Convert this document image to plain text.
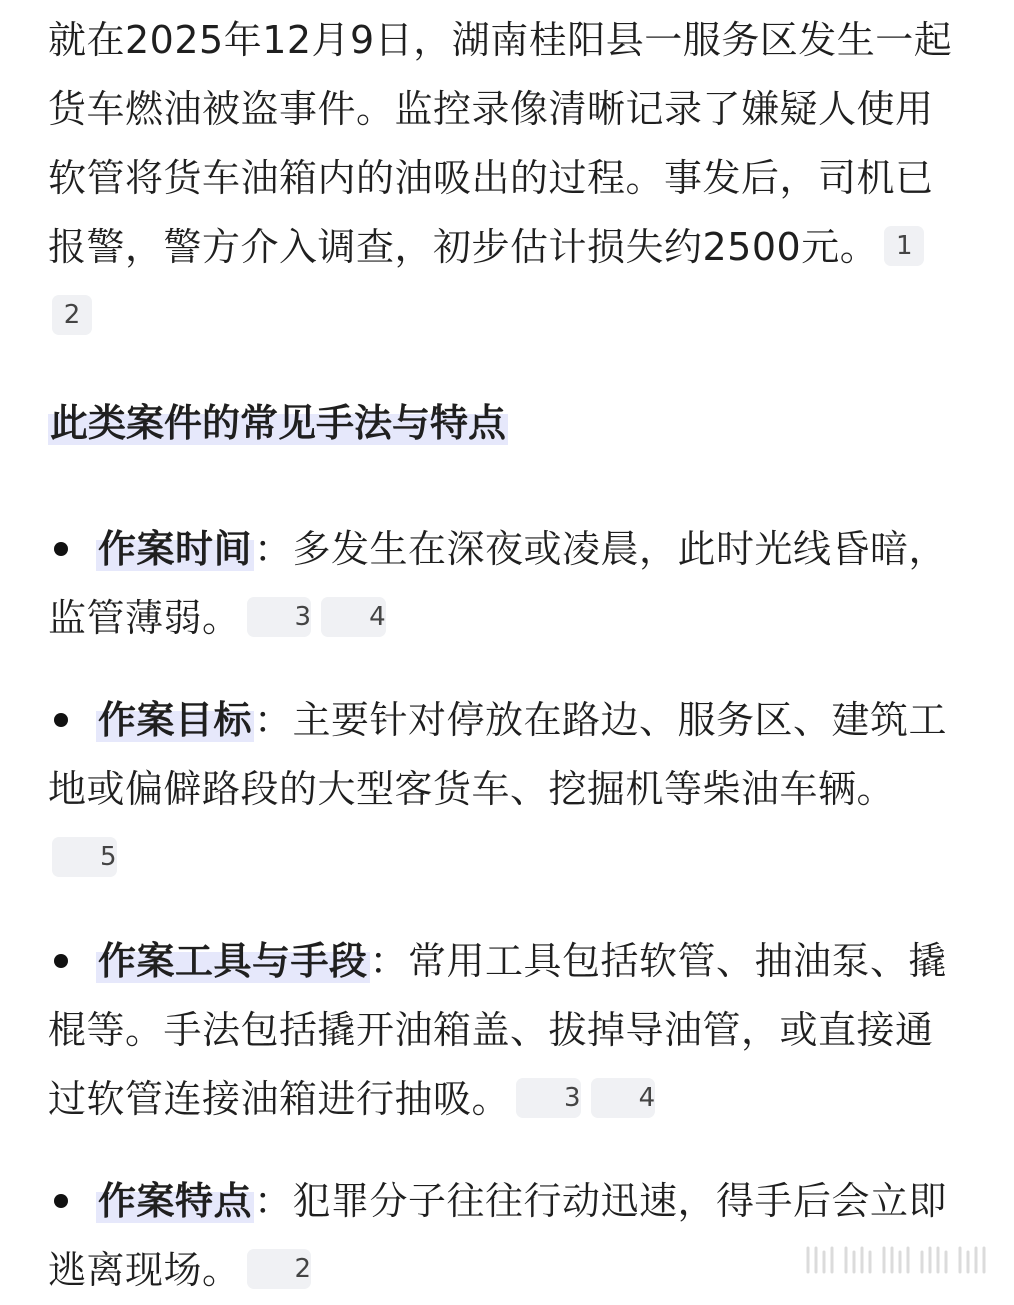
就在2025年12月9日，湖南桂阳县一服务区发生一起货车燃油被盗事件。监控录像清晰记录了嫌疑人使用软管将货车油箱内的油吸出的过程。事发后，司机已报警，警方介入调查，初步估计损失约2500元。 1
2

此类案件的常见手法与特点
作案时间：多发生在深夜或凌晨，此时光线昏暗，监管薄弱。 3 4
作案目标：主要针对停放在路边、服务区、建筑工地或偏僻路段的大型客货车、挖掘机等柴油车辆。
5
作案工具与手段：常用工具包括软管、抽油泵、撬棍等。手法包括撬开油箱盖、拔掉导油管，或直接通过软管连接油箱进行抽吸。 3 4
作案特点：犯罪分子往往行动迅速，得手后会立即逃离现场。 2
